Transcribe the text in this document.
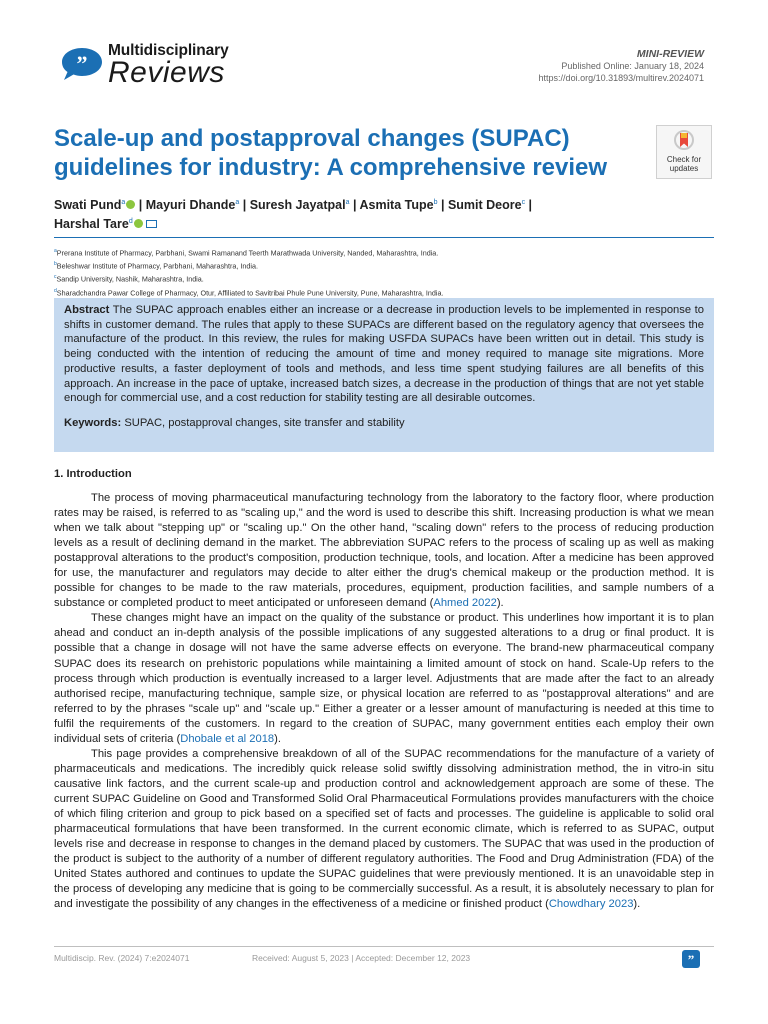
”
Multidisciplinary
Reviews
MINI-REVIEW
Published Online: January 18, 2024
https://doi.org/10.31893/multirev.2024071
Scale-up and postapproval changes (SUPAC) guidelines for industry: A comprehensive review	Check for updates
Swati Pund$^a$ | Mayuri Dhande$^a$ | Suresh Jayatpal$^a$ | Asmita Tupe$^b$ | Sumit Deore$^c$ |
Harshal Tare$^d$
$^a$Prerana Institute of Pharmacy, Parbhani, Swami Ramanand Teerth Marathwada University, Nanded, Maharashtra, India.
$^b$Beleshwar Institute of Pharmacy, Parbhani, Maharashtra, India.
$^c$Sandip University, Nashik, Maharashtra, India.
$^d$Sharadchandra Pawar College of Pharmacy, Otur, Affiliated to Savitribai Phule Pune University, Pune, Maharashtra, India.
Abstract The SUPAC approach enables either an increase or a decrease in production levels to be implemented in response to shifts in customer demand. The rules that apply to these SUPACs are different based on the regulatory agency that oversees the manufacture of the product. In this review, the rules for making USFDA SUPACs have been written out in detail. This study is being conducted with the intention of reducing the amount of time and money required to manage site migrations. More productive results, a faster deployment of tools and methods, and less time spent studying failures are all benefits of this approach. An increase in the pace of uptake, increased batch sizes, a decrease in the production of things that are not yet stable enough for commercial use, and a cost reduction for stability testing are all desirable outcomes.
Keywords: SUPAC, postapproval changes, site transfer and stability
1. Introduction

The process of moving pharmaceutical manufacturing technology from the laboratory to the factory floor, where production rates may be raised, is referred to as "scaling up," and the word is used to describe this shift. Increasing production is what we mean when we talk about "stepping up" or "scaling up." On the other hand, "scaling down" refers to the process of reducing production levels as a result of declining demand in the market. The abbreviation SUPAC refers to the process of scaling up as well as making postapproval alterations to the product's composition, production technique, tools, and location. After a medicine has been approved for use, the manufacturer and regulators may decide to alter either the drug's chemical makeup or the production method. It is possible for changes to be made to the raw materials, procedures, equipment, production facilities, and sample numbers of a substance or completed product to meet anticipated or unforeseen demand (Ahmed 2022).

These changes might have an impact on the quality of the substance or product. This underlines how important it is to plan ahead and conduct an in-depth analysis of the possible implications of any suggested alterations to a drug or final product. It is possible that a change in dosage will not have the same adverse effects on everyone. The brand-new pharmaceutical company SUPAC does its research on prehistoric populations while maintaining a limited amount of stock on hand. Scale-Up refers to the process through which production is eventually increased to a larger level. Adjustments that are made after the fact to an already authorised recipe, manufacturing technique, sample size, or physical location are referred to as "postapproval alterations" and are referred to by the phrases "scale up" and "scale up." Either a greater or a lesser amount of manufacturing is needed at this time to fulfil the requirements of the customers. In regard to the creation of SUPAC, many government entities each employ their own individual sets of criteria (Dhobale et al 2018).

This page provides a comprehensive breakdown of all of the SUPAC recommendations for the manufacture of a variety of pharmaceuticals and medications. The incredibly quick release solid swiftly dissolving administration method, the in vitro-in situ causative link factors, and the current scale-up and production control and acknowledgement approach are some of these. The current SUPAC Guideline on Good and Transformed Solid Oral Pharmaceutical Formulations provides manufacturers with the choice of which filing criterion and group to pick based on a specified set of facts and processes. The guideline is applicable to solid oral pharmaceutical formulations that have been transformed. In the current economic climate, which is referred to as SUPAC, output levels rise and decrease in response to changes in the demand placed by customers. The SUPAC that was used in the production of the product is subject to the authority of a number of different regulatory authorities. The Food and Drug Administration (FDA) of the United States authored and continues to update the SUPAC guidelines that were previously mentioned. It is an unavoidable step in the process of developing any medicine that is going to be commercially successful. As a result, it is absolutely necessary to plan for and investigate the possibility of any changes in the effectiveness of a medicine or finished product (Chowdhary 2023).

Multidiscip. Rev. (2024) 7:e2024071	Received: August 5, 2023 | Accepted: December 12, 2023	”
